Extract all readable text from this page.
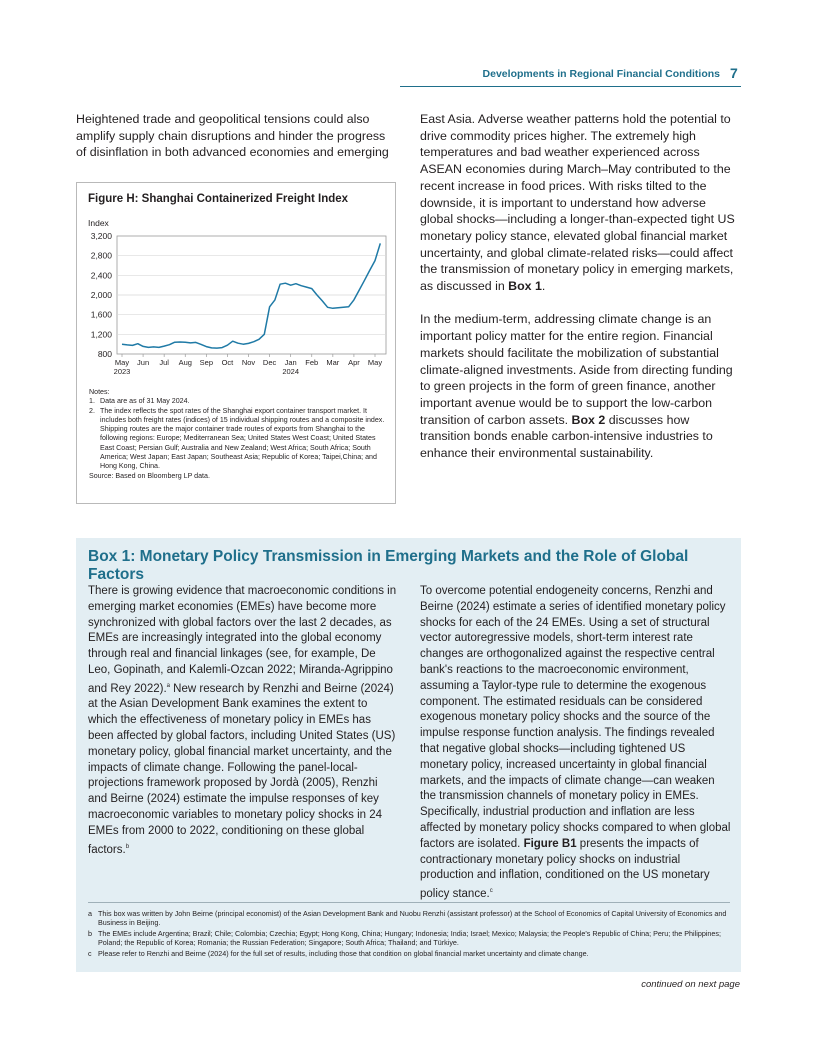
Developments in Regional Financial Conditions 7

Heightened trade and geopolitical tensions could also amplify supply chain disruptions and hinder the progress of disinflation in both advanced economies and emerging

East Asia. Adverse weather patterns hold the potential to drive commodity prices higher. The extremely high temperatures and bad weather experienced across ASEAN economies during March–May contributed to the recent increase in food prices. With risks tilted to the downside, it is important to understand how adverse global shocks—including a longer-than-expected tight US monetary policy stance, elevated global financial market uncertainty, and global climate-related risks—could affect the transmission of monetary policy in emerging markets, as discussed in Box 1.

In the medium-term, addressing climate change is an important policy matter for the entire region. Financial markets should facilitate the mobilization of substantial climate-aligned investments. Aside from directing funding to green projects in the form of green finance, another important avenue would be to support the low-carbon transition of carbon assets. Box 2 discusses how transition bonds enable carbon-intensive industries to enhance their environmental sustainability.

Figure H: Shanghai Containerized Freight Index
Index
800
1,200
1,600
2,000
2,400
2,800
3,200
May
2023
Jun Jul Aug Sep Oct Nov Dec Jan
2024
Feb Mar Apr May
Notes:
1. Data are as of 31 May 2024.
2. The index reflects the spot rates of the Shanghai export container transport market. It includes both freight rates (indices) of 15 individual shipping routes and a composite index. Shipping routes are the major container trade routes of exports from Shanghai to the following regions: Europe; Mediterranean Sea; United States West Coast; United States East Coast; Persian Gulf; Australia and New Zealand; West Africa; South Africa; South America; West Japan; East Japan; Southeast Asia; Republic of Korea; Taipei,China; and Hong Kong, China.
Source: Based on Bloomberg LP data.
Box 1: Monetary Policy Transmission in Emerging Markets and the Role of Global Factors

There is growing evidence that macroeconomic conditions in emerging market economies (EMEs) have become more synchronized with global factors over the last 2 decades, as EMEs are increasingly integrated into the global economy through real and financial linkages (see, for example, De Leo, Gopinath, and Kalemli-Ozcan 2022; Miranda-Agrippino and Rey 2022).$^a$ New research by Renzhi and Beirne (2024) at the Asian Development Bank examines the extent to which the effectiveness of monetary policy in EMEs has been affected by global factors, including United States (US) monetary policy, global financial market uncertainty, and the impacts of climate change. Following the panel-local-projections framework proposed by Jordà (2005), Renzhi and Beirne (2024) estimate the impulse responses of key macroeconomic variables to monetary policy shocks in 24 EMEs from 2000 to 2022, conditioning on these global factors.$^b$

To overcome potential endogeneity concerns, Renzhi and Beirne (2024) estimate a series of identified monetary policy shocks for each of the 24 EMEs. Using a set of structural vector autoregressive models, short-term interest rate changes are orthogonalized against the respective central bank's reactions to the macroeconomic environment, assuming a Taylor-type rule to determine the exogenous component. The estimated residuals can be considered exogenous monetary policy shocks and the source of the impulse response function analysis. The findings revealed that negative global shocks—including tightened US monetary policy, increased uncertainty in global financial markets, and the impacts of climate change—can weaken the transmission channels of monetary policy in EMEs. Specifically, industrial production and inflation are less affected by monetary policy shocks compared to when global factors are isolated. Figure B1 presents the impacts of contractionary monetary policy shocks on industrial production and inflation, conditioned on the US monetary policy stance.$^c$

a This box was written by John Beirne (principal economist) of the Asian Development Bank and Nuobu Renzhi (assistant professor) at the School of Economics of Capital University of Economics and Business in Beijing.
b The EMEs include Argentina; Brazil; Chile; Colombia; Czechia; Egypt; Hong Kong, China; Hungary; Indonesia; India; Israel; Mexico; Malaysia; the People's Republic of China; Peru; the Philippines; Poland; the Republic of Korea; Romania; the Russian Federation; Singapore; South Africa; Thailand; and Türkiye.
c Please refer to Renzhi and Beirne (2024) for the full set of results, including those that condition on global financial market uncertainty and climate change.
continued on next page
